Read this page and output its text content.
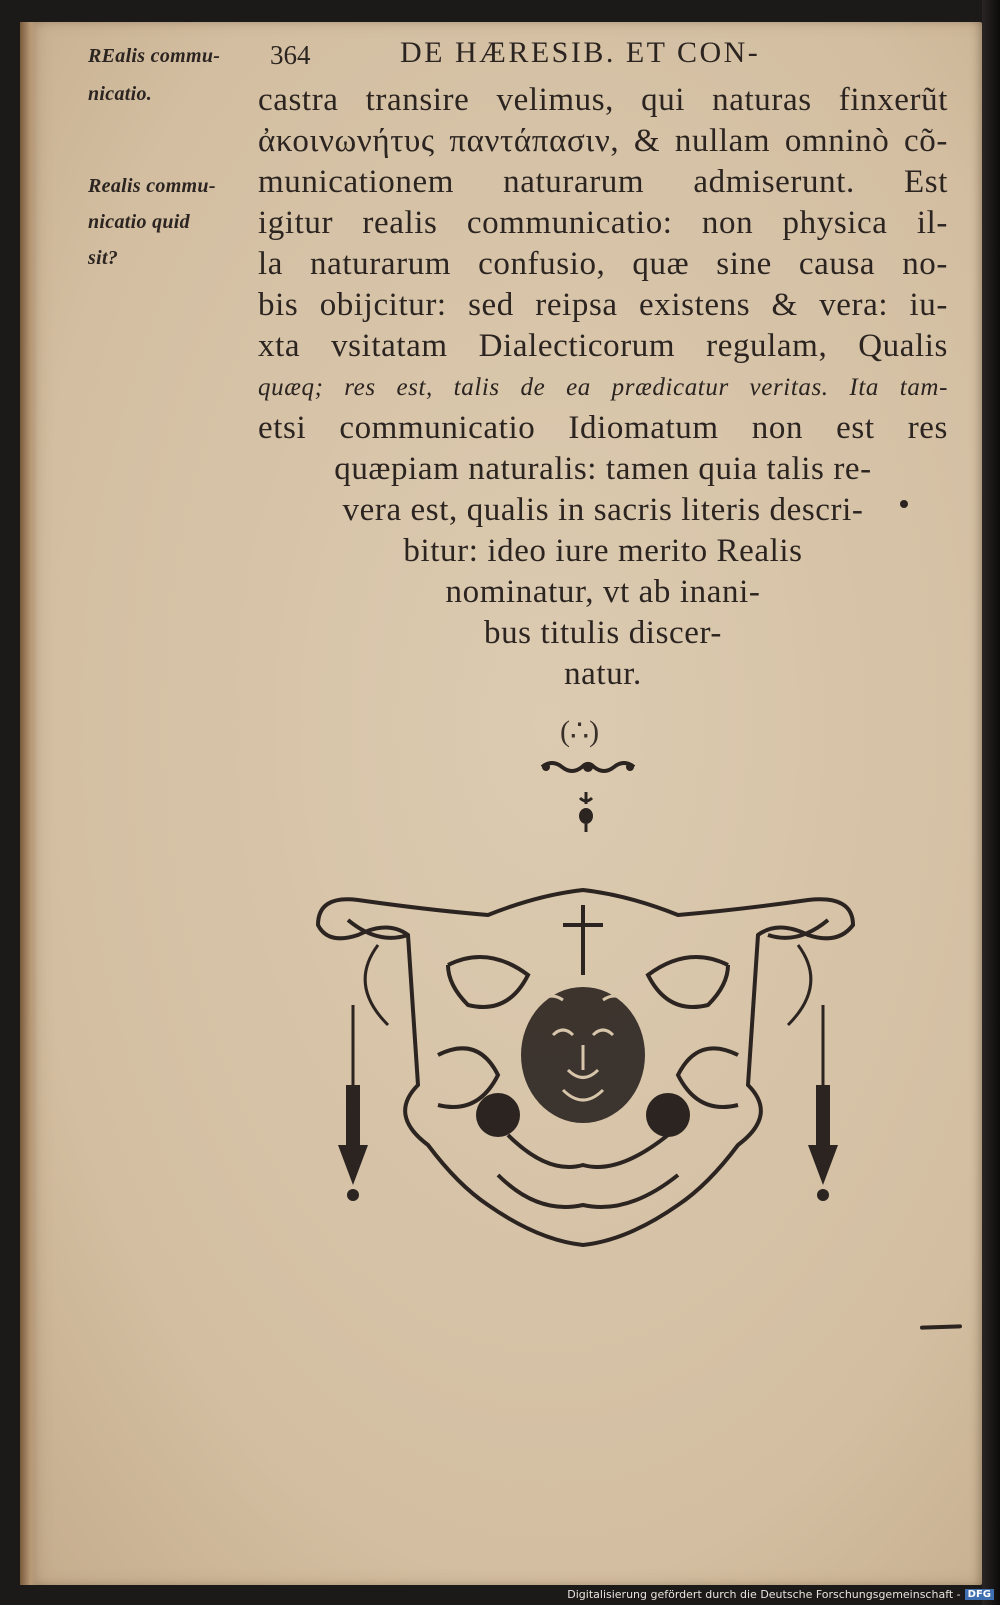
364	DE HÆRESIB. ET CON-
REalis commu-
nicatio.
Realis commu-
nicatio quid
sit?
castra transire velimus, qui naturas finxerũt
ἀκοινωνήτυς παντάπασιν, & nullam omninò cõ-
municationem naturarum admiserunt. Est
igitur realis communicatio: non physica il-
la naturarum confusio, quæ sine causa no-
bis obijcitur: sed reipsa existens & vera: iu-
xta vsitatam Dialecticorum regulam, Qualis
quæq; res est, talis de ea prædicatur veritas. Ita tam-
etsi communicatio Idiomatum non est res
quæpiam naturalis: tamen quia talis re-
vera est, qualis in sacris literis descri-
bitur: ideo iure merito Realis
nominatur, vt ab inani-
bus titulis discer-
natur.
(∴)
Digitalisierung gefördert durch die Deutsche Forschungsgemeinschaft - DFG
